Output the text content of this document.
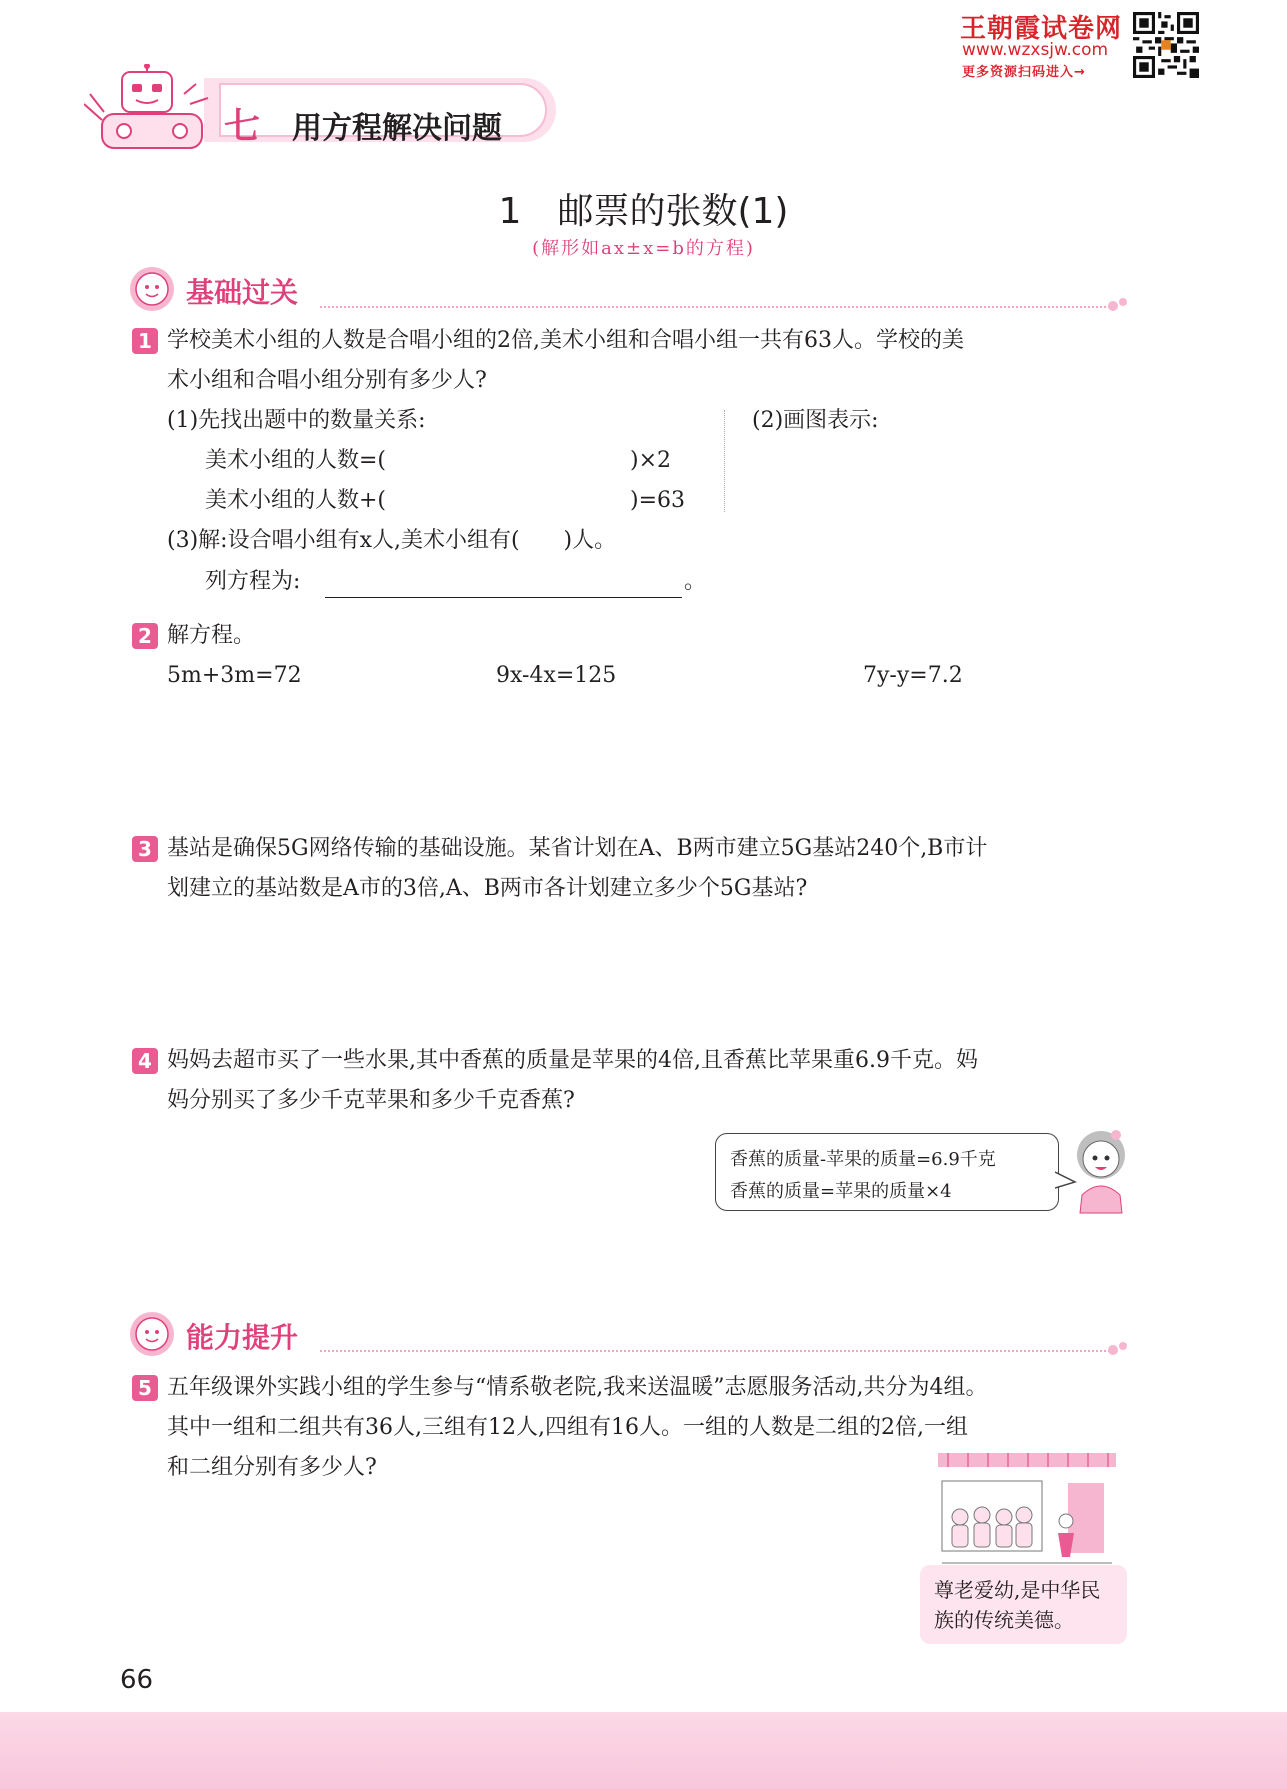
王朝霞试卷网
www.wzxsjw.com
更多资源扫码进入→
七 用方程解决问题
1　邮票的张数(1)
(解形如ax±x=b的方程)
基础过关
1 学校美术小组的人数是合唱小组的2倍,美术小组和合唱小组一共有63人。学校的美
术小组和合唱小组分别有多少人?
(1)先找出题中的数量关系:
美术小组的人数=(	)×2
美术小组的人数+(	)=63
(2)画图表示:
(3)解:设合唱小组有x人,美术小组有(　　)人。
列方程为:	。
2 解方程。
5m+3m=72	9x-4x=125	7y-y=7.2
3 基站是确保5G网络传输的基础设施。某省计划在A、B两市建立5G基站240个,B市计
划建立的基站数是A市的3倍,A、B两市各计划建立多少个5G基站?
4 妈妈去超市买了一些水果,其中香蕉的质量是苹果的4倍,且香蕉比苹果重6.9千克。妈
妈分别买了多少千克苹果和多少千克香蕉?
香蕉的质量-苹果的质量=6.9千克
香蕉的质量=苹果的质量×4
能力提升
5 五年级课外实践小组的学生参与“情系敬老院,我来送温暖”志愿服务活动,共分为4组。
其中一组和二组共有36人,三组有12人,四组有16人。一组的人数是二组的2倍,一组
和二组分别有多少人?
尊老爱幼,是中华民
族的传统美德。
66
